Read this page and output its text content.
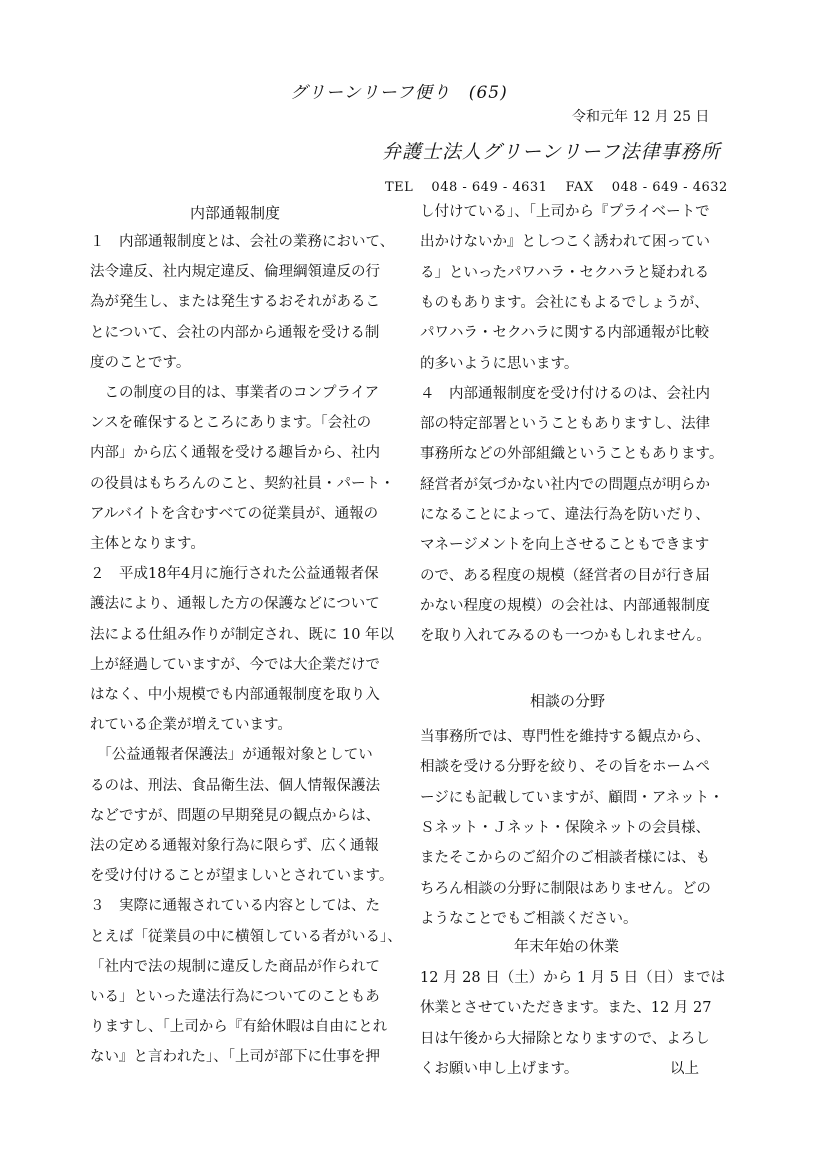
グリーンリーフ便り　(65)
令和元年 12 月 25 日
弁護士法人グリーンリーフ法律事務所
TEL　 048 - 649 - 4631　 FAX　 048 - 649 - 4632
内部通報制度
１　内部通報制度とは、会社の業務において、
法令違反、社内規定違反、倫理綱領違反の行
為が発生し、または発生するおそれがあるこ
とについて、会社の内部から通報を受ける制
度のことです。
　この制度の目的は、事業者のコンプライア
ンスを確保するところにあります。「会社の
内部」から広く通報を受ける趣旨から、社内
の役員はもちろんのこと、契約社員・パート・
アルバイトを含むすべての従業員が、通報の
主体となります。
２　平成18年4月に施行された公益通報者保
護法により、通報した方の保護などについて
法による仕組み作りが制定され、既に 10 年以
上が経過していますが、今では大企業だけで
はなく、中小規模でも内部通報制度を取り入
れている企業が増えています。
　「公益通報者保護法」が通報対象としてい
るのは、刑法、食品衛生法、個人情報保護法
などですが、問題の早期発見の観点からは、
法の定める通報対象行為に限らず、広く通報
を受け付けることが望ましいとされています。
３　実際に通報されている内容としては、た
とえば「従業員の中に横領している者がいる」、
「社内で法の規制に違反した商品が作られて
いる」といった違法行為についてのこともあ
りますし、「上司から『有給休暇は自由にとれ
ない』と言われた」、「上司が部下に仕事を押
相談の分野
年末年始の休業
以上
し付けている」、「上司から『プライベートで
出かけないか』としつこく誘われて困ってい
る」といったパワハラ・セクハラと疑われる
ものもあります。会社にもよるでしょうが、
パワハラ・セクハラに関する内部通報が比較
的多いように思います。
４　内部通報制度を受け付けるのは、会社内
部の特定部署ということもありますし、法律
事務所などの外部組織ということもあります。
経営者が気づかない社内での問題点が明らか
になることによって、違法行為を防いだり、
マネージメントを向上させることもできます
ので、ある程度の規模（経営者の目が行き届
かない程度の規模）の会社は、内部通報制度
を取り入れてみるのも一つかもしれません。
当事務所では、専門性を維持する観点から、
相談を受ける分野を絞り、その旨をホームペ
ージにも記載していますが、顧問・アネット・
Ｓネット・Ｊネット・保険ネットの会員様、
またそこからのご紹介のご相談者様には、も
ちろん相談の分野に制限はありません。どの
ようなことでもご相談ください。
12 月 28 日（土）から 1 月 5 日（日）までは
休業とさせていただきます。また、12 月 27
日は午後から大掃除となりますので、よろし
くお願い申し上げます。
